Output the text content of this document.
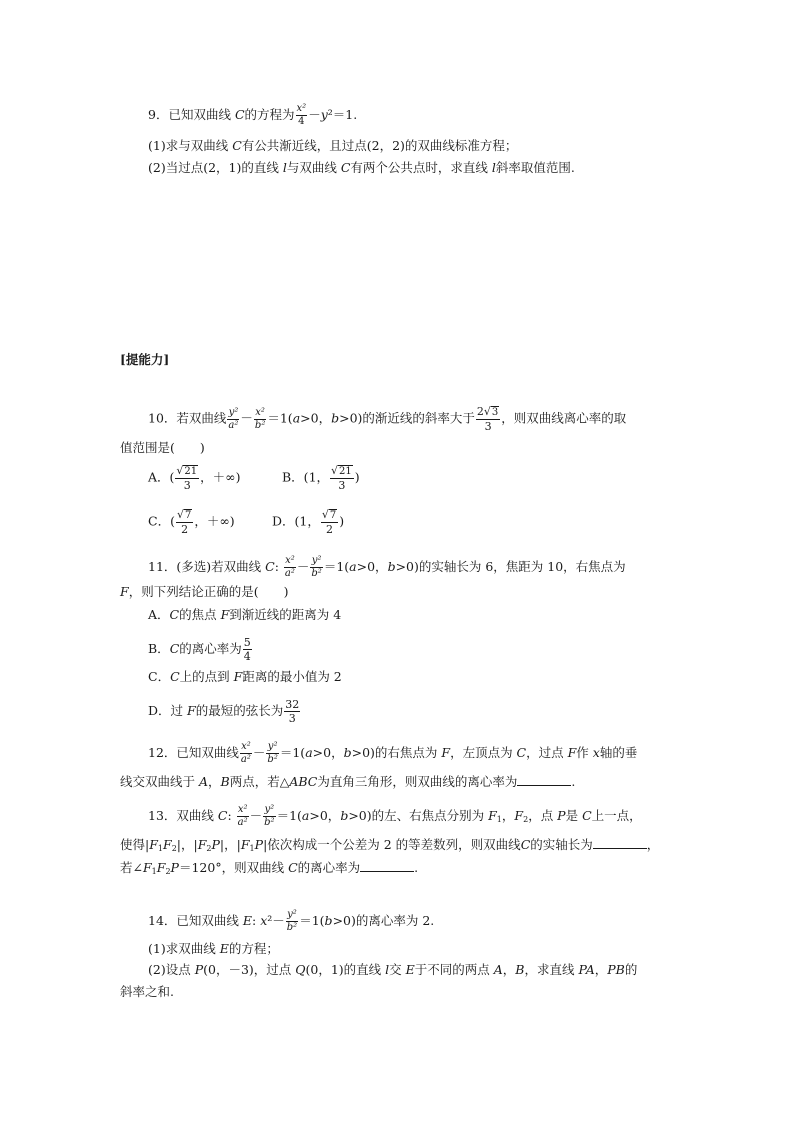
9．已知双曲线 C的方程为 $\frac{\text{x²}}{4} -y^2=1$.
(1)求与双曲线 C有公共渐近线，且过点(2，2)的双曲线标准方程；
(2)当过点(2，1)的直线 l与双曲线 C有两个公共点时，求直线 l斜率取值范围.
[提能力]
10．若双曲线 $\frac{\text{y²}}{\text{a²}} - \frac{\text{x²}}{\text{b²}} =1(a>0$，b>0)的渐近线的斜率大于 $\frac{2√3}{3}$ ，则双曲线离心率的取
值范围是(　　)
A．( $\frac{√21}{3}$ ，＋∞)	B．(1， $\frac{√21}{3}$ )
C．( $\frac{√7}{2}$ ，＋∞)	D．(1， $\frac{√7}{2}$ )
11．(多选)若双曲线 C: $\frac{\text{x²}}{\text{a²}} - \frac{\text{y²}}{\text{b²}} =1(a>0$，b>0)的实轴长为 6，焦距为 10，右焦点为
F，则下列结论正确的是(　　)
A．C的焦点 F到渐近线的距离为 4
B．C的离心率为 $\frac{5}{4}$
C．C上的点到 F距离的最小值为 2
D．过 F的最短的弦长为 $\frac{32}{3}$
12．已知双曲线 $\frac{\text{x²}}{\text{a²}} - \frac{\text{y²}}{\text{b²}} =1(a>0$，b>0)的右焦点为 F，左顶点为 C，过点 F作 x轴的垂
线交双曲线于 A，B两点，若△ABC为直角三角形，则双曲线的离心率为	.
13．双曲线 C: $\frac{\text{x²}}{\text{a²}} - \frac{\text{y²}}{\text{b²}} =1(a>0$，b>0)的左、右焦点分别为 $F_1$，$F_2$，点 P是 C上一点，
使得$|F_1F_2|$，$|F_2P|$，$|F_1P|$依次构成一个公差为 2 的等差数列，则双曲线C的实轴长为	，
若$\angle F_1F_2P=120^\circ$，则双曲线 C的离心率为	.
14．已知双曲线 E: $x^2- \frac{\text{y²}}{\text{b²}} =1(b>0)$的离心率为 2.
(1)求双曲线 E的方程；
(2)设点 P(0，－3)，过点 Q(0，1)的直线 l交 E于不同的两点 A，B，求直线 PA，PB的
斜率之和.
